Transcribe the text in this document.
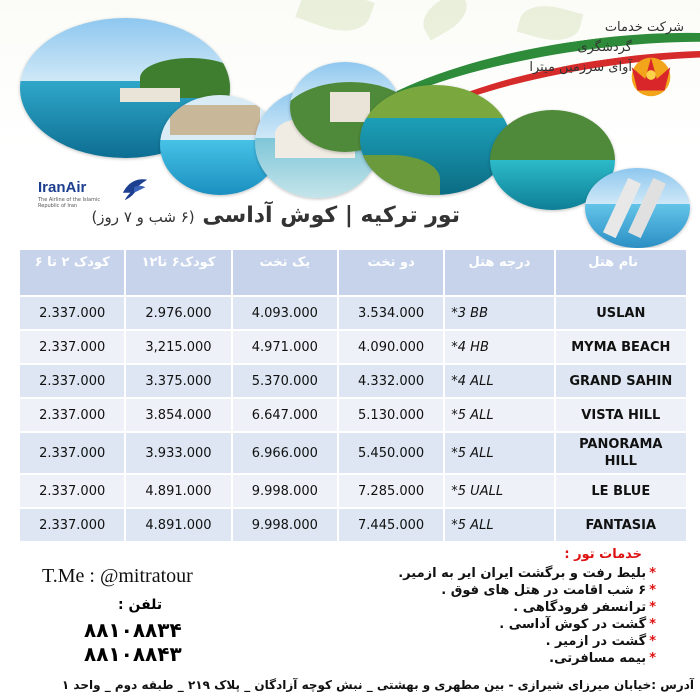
شرکت خدمات
گردشگری
آوای سرزمین میترا
IranAir
The Airline of the Islamic Republic of Iran	تور ترکیه | کوش آداسی (۶ شب و ۷ روز)
نام هتل	درجه هتل	دو تخت	یک تخت	کودک۶ تا۱۲	کودک ۲ تا ۶
USLAN	*3 BB	3.534.000	4.093.000	2.976.000	2.337.000
MYMA BEACH	*4 HB	4.090.000	4.971.000	3,215.000	2.337.000
GRAND SAHIN	*4 ALL	4.332.000	5.370.000	3.375.000	2.337.000
VISTA HILL	*5 ALL	5.130.000	6.647.000	3.854.000	2.337.000
PANORAMA HILL	*5 ALL	5.450.000	6.966.000	3.933.000	2.337.000
LE BLUE	*5 UALL	7.285.000	9.998.000	4.891.000	2.337.000
FANTASIA	*5 ALL	7.445.000	9.998.000	4.891.000	2.337.000
خدمات تور :
*بلیط رفت و برگشت ایران ایر به ازمیر.
*۶ شب اقامت در هتل های فوق .
*ترانسفر فرودگاهی .
*گشت در کوش آداسی .
*گشت در ازمیر .
*بیمه مسافرتی.
T.Me : @mitratour
تلفن :
۸۸۱۰۸۸۳۴
۸۸۱۰۸۸۴۳
آدرس :خیابان میرزای شیرازی - بین مطهری و بهشتی _ نبش کوچه آزادگان _ پلاک ۲۱۹ _ طبقه دوم _ واحد ۱
